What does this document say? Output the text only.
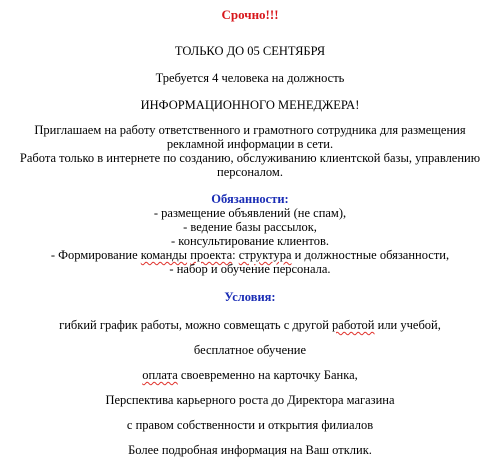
Срочно!!!
ТОЛЬКО ДО 05 СЕНТЯБРЯ
Требуется 4 человека на должность
ИНФОРМАЦИОННОГО МЕНЕДЖЕРА!
Приглашаем на работу ответственного и грамотного сотрудника для размещения
рекламной информации в сети.
Работа только в интернете по созданию, обслуживанию клиентской базы, управлению
персоналом.
Обязанности:
- размещение объявлений (не спам),
- ведение базы рассылок,
- консультирование клиентов.
- Формирование команды проекта: структура и должностные обязанности,
- набор и обучение персонала.
Условия:
гибкий график работы, можно совмещать с другой работой или учебой,
бесплатное обучение
оплата своевременно на карточку Банка,
Перспектива карьерного роста до Директора магазина
с правом собственности и открытия филиалов
Более подробная информация на Ваш отклик.
